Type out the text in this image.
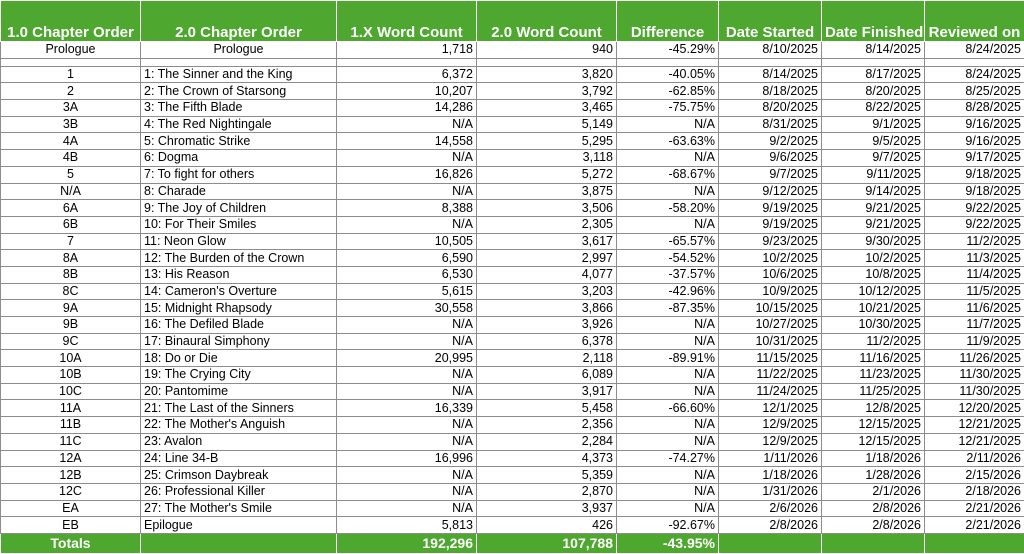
1.0 Chapter Order	2.0 Chapter Order	1.X Word Count	2.0 Word Count	Difference	Date Started	Date Finished	Reviewed on
Prologue	Prologue	1,718	940	-45.29%	8/10/2025	8/14/2025	8/24/2025

1	1: The Sinner and the King	6,372	3,820	-40.05%	8/14/2025	8/17/2025	8/24/2025
2	2: The Crown of Starsong	10,207	3,792	-62.85%	8/18/2025	8/20/2025	8/25/2025
3A	3: The Fifth Blade	14,286	3,465	-75.75%	8/20/2025	8/22/2025	8/28/2025
3B	4: The Red Nightingale	N/A	5,149	N/A	8/31/2025	9/1/2025	9/16/2025
4A	5: Chromatic Strike	14,558	5,295	-63.63%	9/2/2025	9/5/2025	9/16/2025
4B	6: Dogma	N/A	3,118	N/A	9/6/2025	9/7/2025	9/17/2025
5	7: To fight for others	16,826	5,272	-68.67%	9/7/2025	9/11/2025	9/18/2025
N/A	8: Charade	N/A	3,875	N/A	9/12/2025	9/14/2025	9/18/2025
6A	9: The Joy of Children	8,388	3,506	-58.20%	9/19/2025	9/21/2025	9/22/2025
6B	10: For Their Smiles	N/A	2,305	N/A	9/19/2025	9/21/2025	9/22/2025
7	11: Neon Glow	10,505	3,617	-65.57%	9/23/2025	9/30/2025	11/2/2025
8A	12: The Burden of the Crown	6,590	2,997	-54.52%	10/2/2025	10/2/2025	11/3/2025
8B	13: His Reason	6,530	4,077	-37.57%	10/6/2025	10/8/2025	11/4/2025
8C	14: Cameron's Overture	5,615	3,203	-42.96%	10/9/2025	10/12/2025	11/5/2025
9A	15: Midnight Rhapsody	30,558	3,866	-87.35%	10/15/2025	10/21/2025	11/6/2025
9B	16: The Defiled Blade	N/A	3,926	N/A	10/27/2025	10/30/2025	11/7/2025
9C	17: Binaural Simphony	N/A	6,378	N/A	10/31/2025	11/2/2025	11/9/2025
10A	18: Do or Die	20,995	2,118	-89.91%	11/15/2025	11/16/2025	11/26/2025
10B	19: The Crying City	N/A	6,089	N/A	11/22/2025	11/23/2025	11/30/2025
10C	20: Pantomime	N/A	3,917	N/A	11/24/2025	11/25/2025	11/30/2025
11A	21: The Last of the Sinners	16,339	5,458	-66.60%	12/1/2025	12/8/2025	12/20/2025
11B	22: The Mother's Anguish	N/A	2,356	N/A	12/9/2025	12/15/2025	12/21/2025
11C	23: Avalon	N/A	2,284	N/A	12/9/2025	12/15/2025	12/21/2025
12A	24: Line 34-B	16,996	4,373	-74.27%	1/11/2026	1/18/2026	2/11/2026
12B	25: Crimson Daybreak	N/A	5,359	N/A	1/18/2026	1/28/2026	2/15/2026
12C	26: Professional Killer	N/A	2,870	N/A	1/31/2026	2/1/2026	2/18/2026
EA	27: The Mother's Smile	N/A	3,937	N/A	2/6/2026	2/8/2026	2/21/2026
EB	Epilogue	5,813	426	-92.67%	2/8/2026	2/8/2026	2/21/2026
Totals		192,296	107,788	-43.95%			
